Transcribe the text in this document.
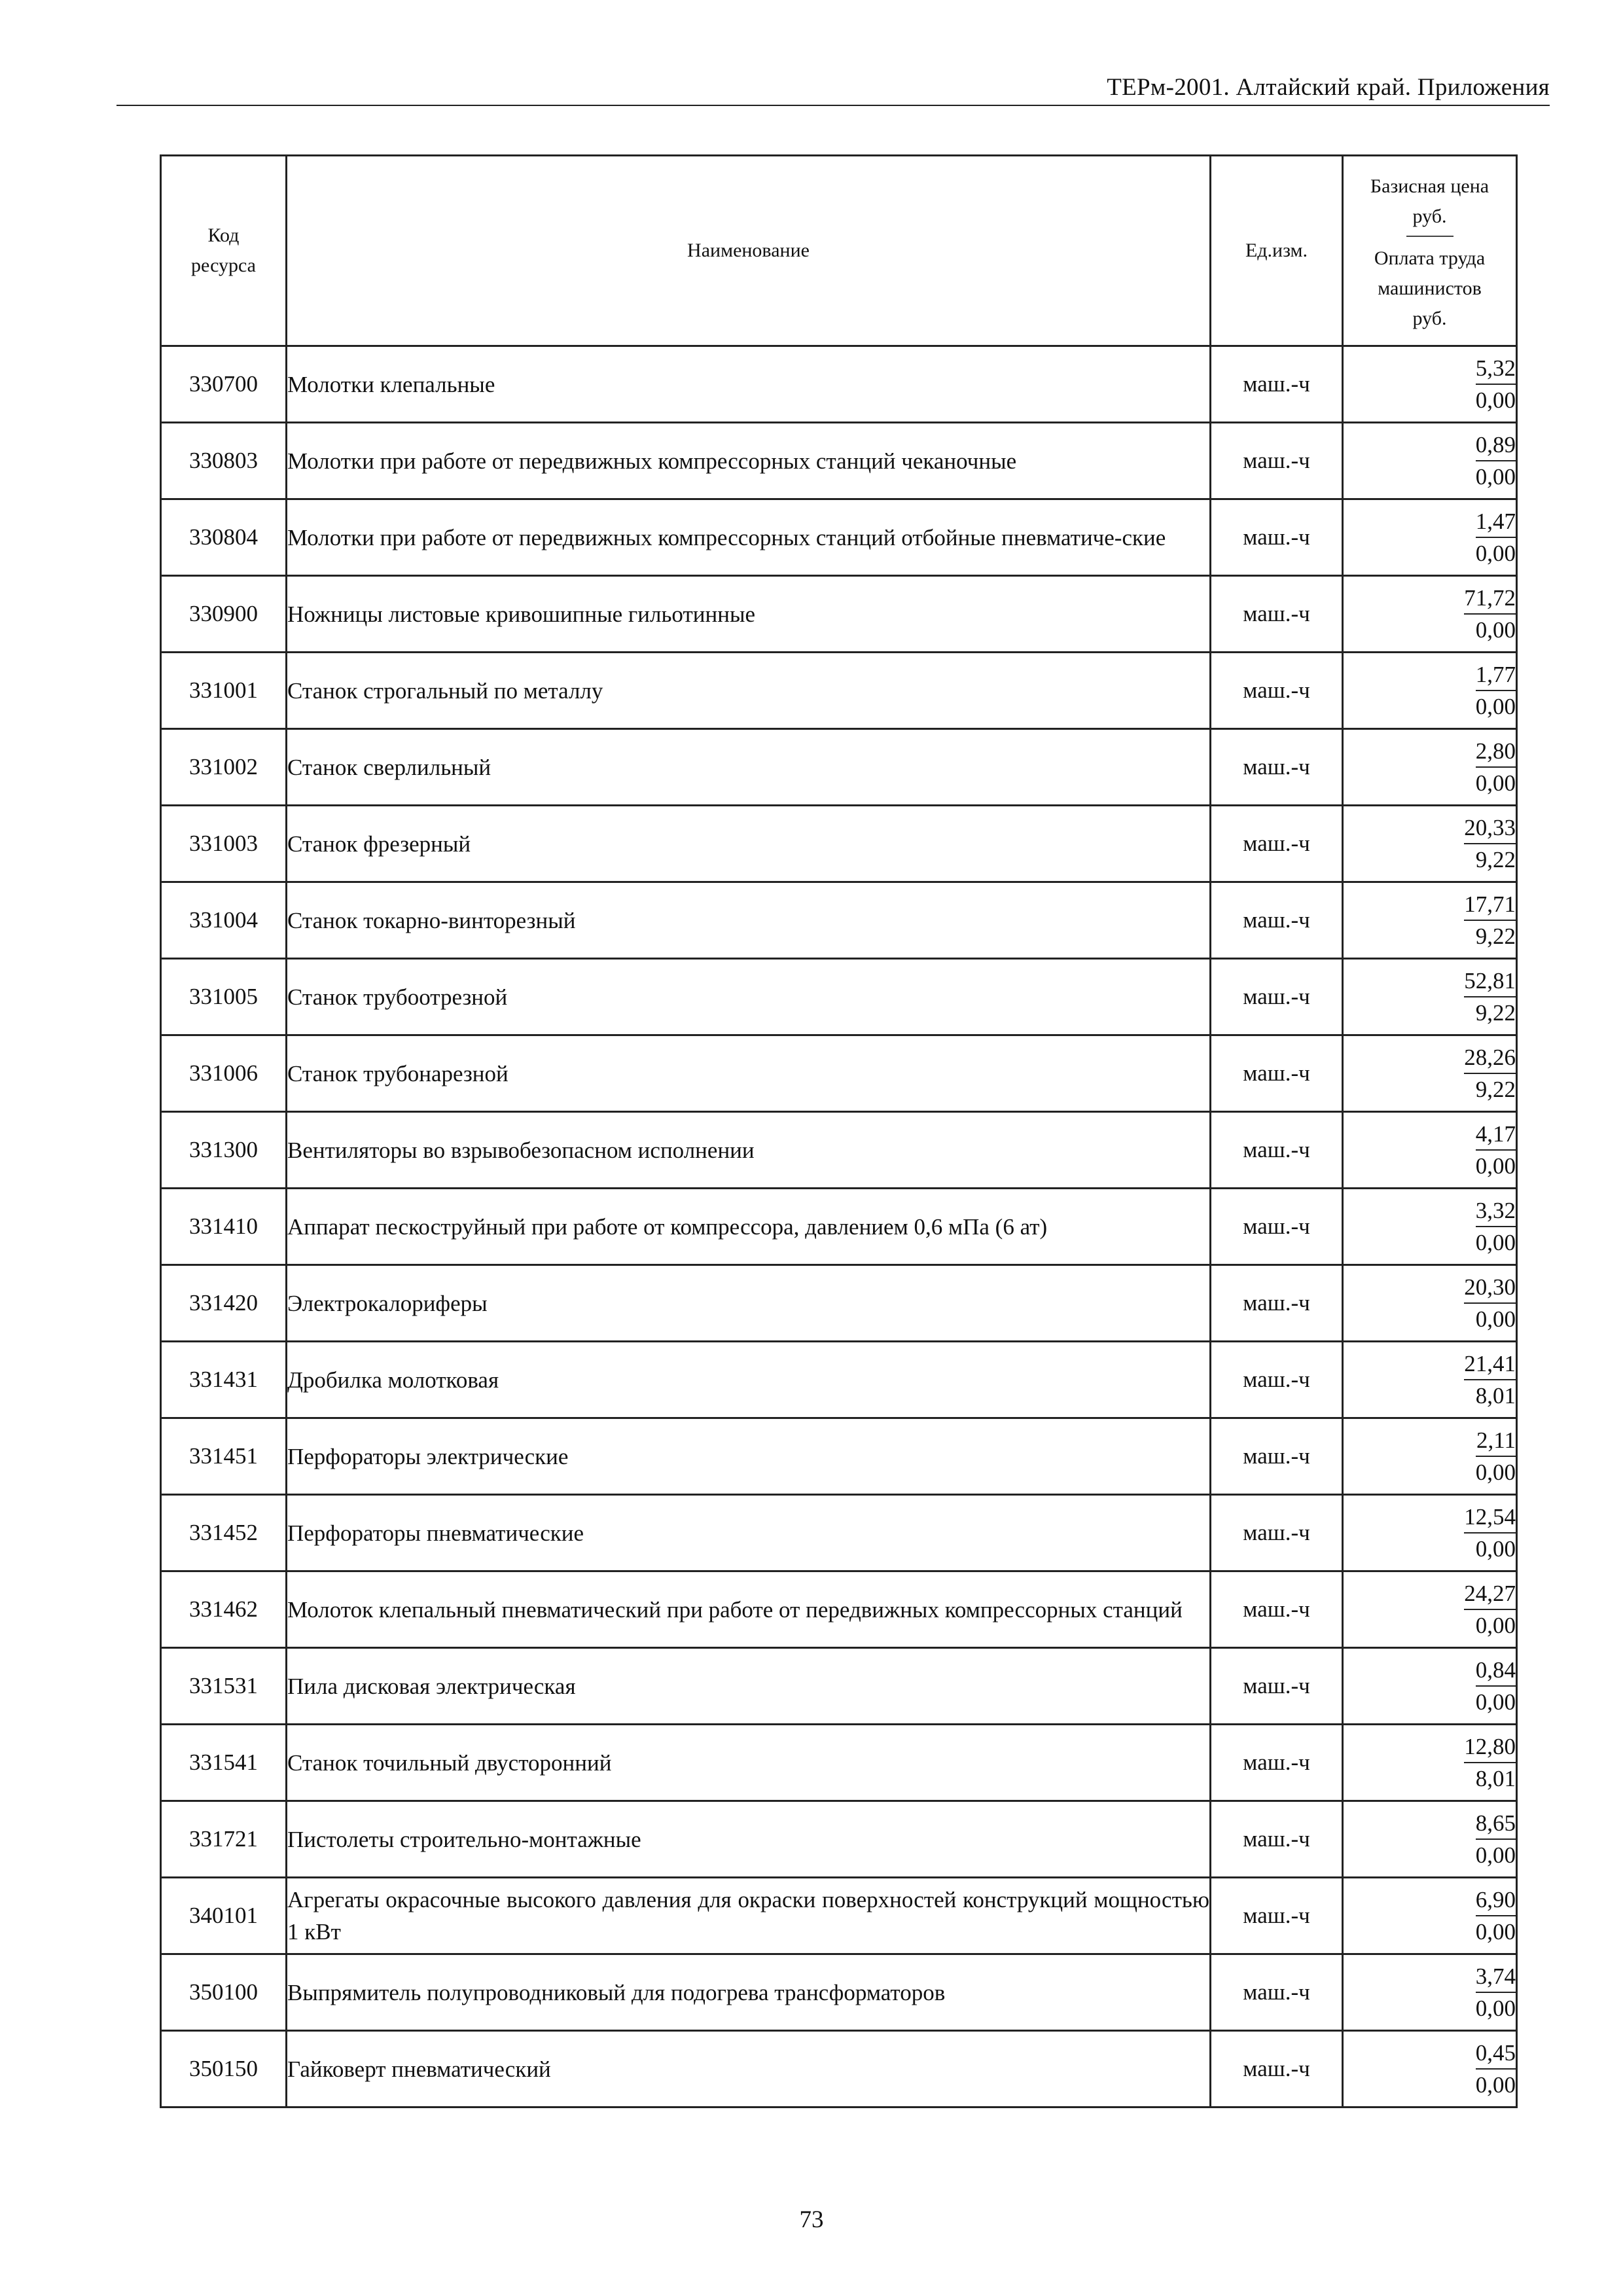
ТЕРм-2001. Алтайский край. Приложения
Код
ресурса	Наименование	Ед.изм.	Базисная цена
руб.
Оплата труда
машинистов
руб.

330700	Молотки клепальные	маш.-ч	$\frac{5,32}{0,00}$

330803	Молотки при работе от передвижных компрессорных станций чеканочные	маш.-ч	$\frac{0,89}{0,00}$

330804	Молотки при работе от передвижных компрессорных станций отбойные пневматиче-ские	маш.-ч	$\frac{1,47}{0,00}$

330900	Ножницы листовые кривошипные гильотинные	маш.-ч	$\frac{71,72}{0,00}$

331001	Станок строгальный по металлу	маш.-ч	$\frac{1,77}{0,00}$

331002	Станок сверлильный	маш.-ч	$\frac{2,80}{0,00}$

331003	Станок фрезерный	маш.-ч	$\frac{20,33}{9,22}$

331004	Станок токарно-винторезный	маш.-ч	$\frac{17,71}{9,22}$

331005	Станок трубоотрезной	маш.-ч	$\frac{52,81}{9,22}$

331006	Станок трубонарезной	маш.-ч	$\frac{28,26}{9,22}$

331300	Вентиляторы во взрывобезопасном исполнении	маш.-ч	$\frac{4,17}{0,00}$

331410	Аппарат пескоструйный при работе от компрессора, давлением 0,6 мПа (6 ат)	маш.-ч	$\frac{3,32}{0,00}$

331420	Электрокалориферы	маш.-ч	$\frac{20,30}{0,00}$

331431	Дробилка молотковая	маш.-ч	$\frac{21,41}{8,01}$

331451	Перфораторы электрические	маш.-ч	$\frac{2,11}{0,00}$

331452	Перфораторы пневматические	маш.-ч	$\frac{12,54}{0,00}$

331462	Молоток клепальный пневматический при работе от передвижных компрессорных станций	маш.-ч	$\frac{24,27}{0,00}$

331531	Пила дисковая электрическая	маш.-ч	$\frac{0,84}{0,00}$

331541	Станок точильный двусторонний	маш.-ч	$\frac{12,80}{8,01}$

331721	Пистолеты строительно-монтажные	маш.-ч	$\frac{8,65}{0,00}$

340101	Агрегаты окрасочные высокого давления для окраски поверхностей конструкций мощностью 1 кВт	маш.-ч	$\frac{6,90}{0,00}$

350100	Выпрямитель полупроводниковый для подогрева трансформаторов	маш.-ч	$\frac{3,74}{0,00}$

350150	Гайковерт пневматический	маш.-ч	$\frac{0,45}{0,00}$
73
